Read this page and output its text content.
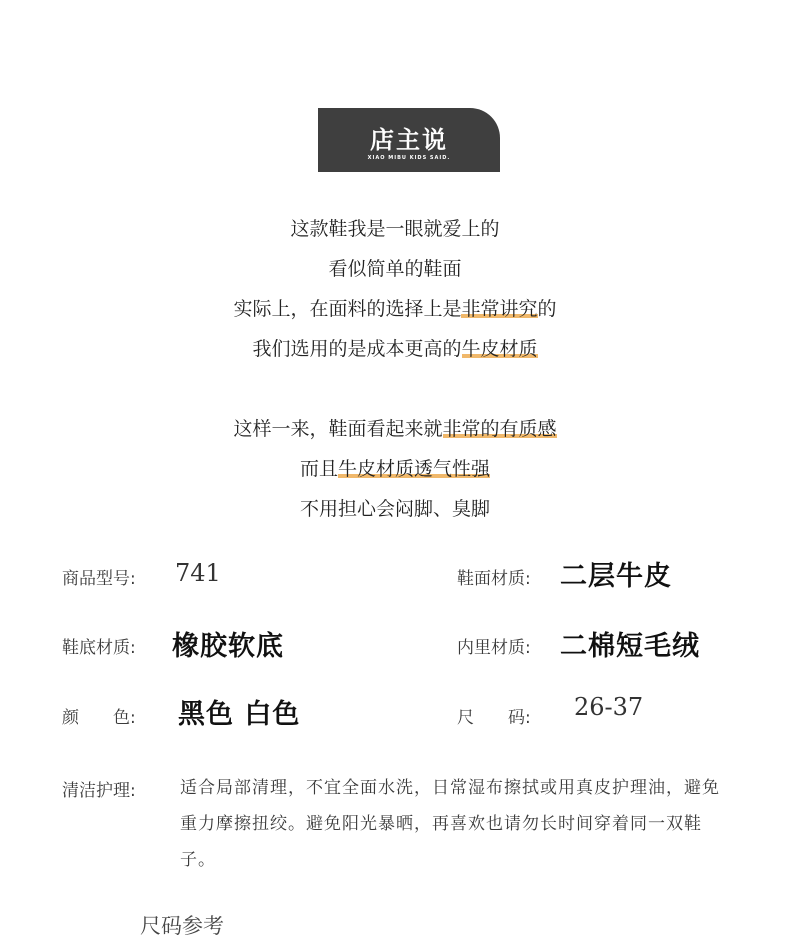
店主说
XIAO MIBU KIDS SAID.
这款鞋我是一眼就爱上的
看似简单的鞋面
实际上，在面料的选择上是非常讲究的
我们选用的是成本更高的牛皮材质
这样一来，鞋面看起来就非常的有质感
而且牛皮材质透气性强
不用担心会闷脚、臭脚
商品型号: 741	鞋面材质: 二层牛皮
鞋底材质: 橡胶软底	内里材质: 二棉短毛绒
颜　　色: 黑色 白色	尺　　码: 26-37
清洁护理:	适合局部清理，不宜全面水洗，日常湿布擦拭或用真皮护理油，避免重力摩擦扭绞。避免阳光暴晒，再喜欢也请勿长时间穿着同一双鞋子。
尺码参考
